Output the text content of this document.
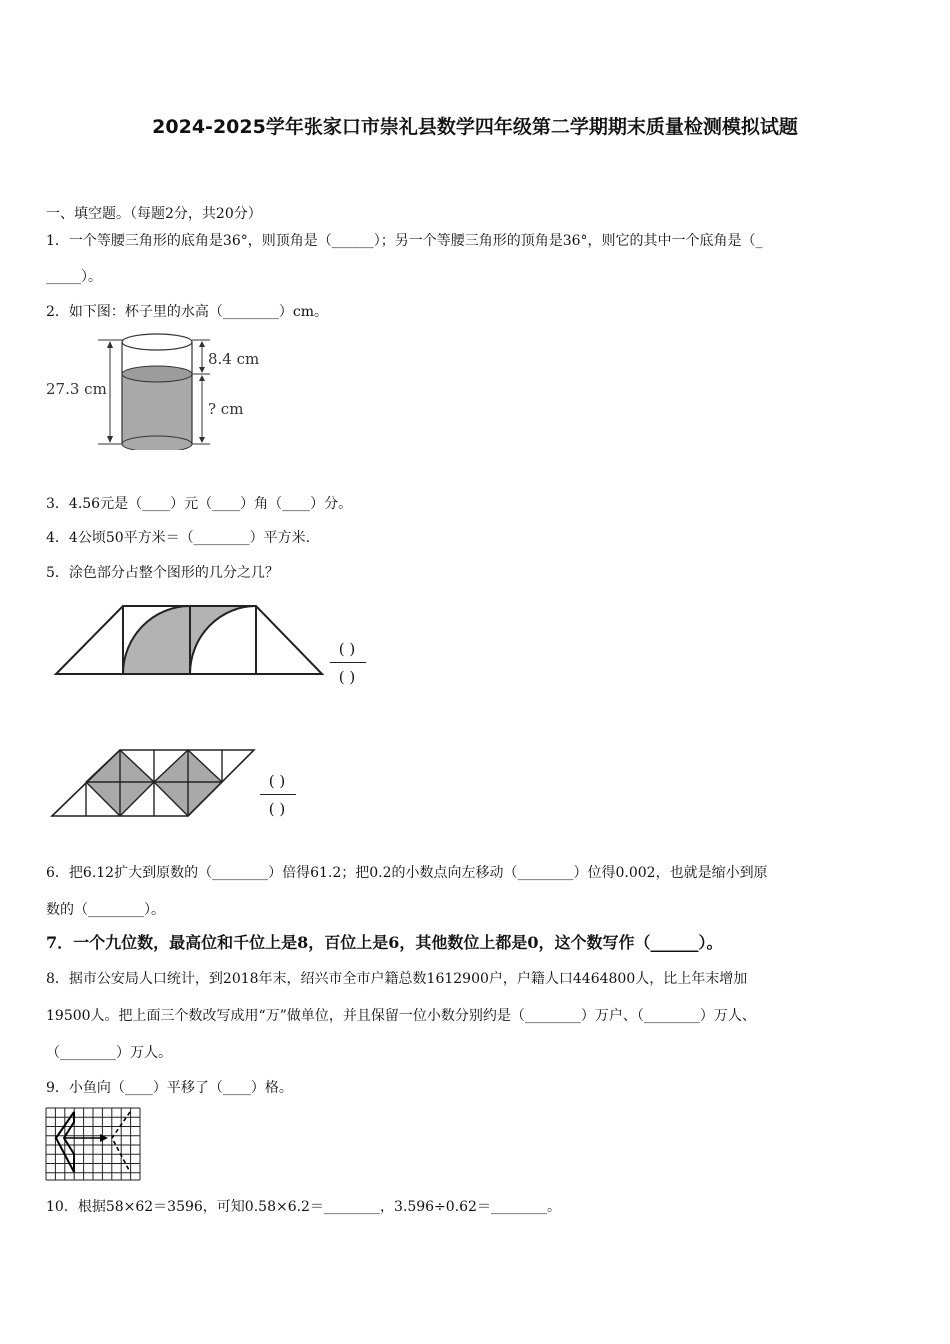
2024-2025学年张家口市崇礼县数学四年级第二学期期末质量检测模拟试题
一、填空题。（每题2分，共20分）
1．一个等腰三角形的底角是36°，则顶角是（______）；另一个等腰三角形的顶角是36°，则它的其中一个底角是（_
_____）。
2．如下图：杯子里的水高（________）cm。
27.3 cm
8.4 cm
? cm
3．4.56元是（____）元（____）角（____）分。
4．4公顷50平方米＝（________）平方米.
5．涂色部分占整个图形的几分之几？
( )
( )
( )
( )
6．把6.12扩大到原数的（________）倍得61.2；把0.2的小数点向左移动（________）位得0.002，也就是缩小到原
数的（________）。
7．一个九位数，最高位和千位上是8，百位上是6，其他数位上都是0，这个数写作（______）。
8．据市公安局人口统计，到2018年末，绍兴市全市户籍总数1612900户，户籍人口4464800人，比上年末增加
19500人。把上面三个数改写成用“万”做单位，并且保留一位小数分别约是（________）万户、（________）万人、
（________）万人。
9．小鱼向（____）平移了（____）格。
10．根据58×62＝3596，可知0.58×6.2＝________，3.596÷0.62＝________。
